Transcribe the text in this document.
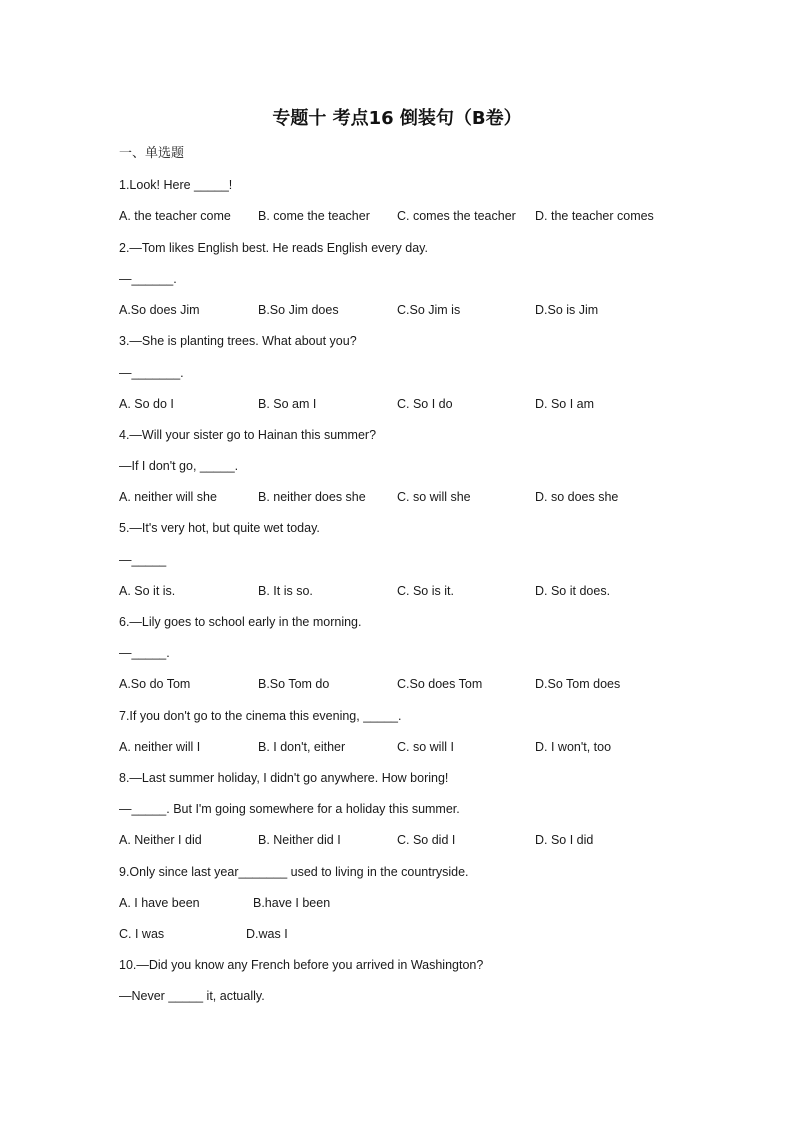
专题十 考点16 倒装句（B卷）
一、单选题
1.Look! Here _____!
A. the teacher come B. come the teacher C. comes the teacher D. the teacher comes
2.—Tom likes English best. He reads English every day.
—______.
A.So does Jim	B.So Jim does	C.So Jim is	D.So is Jim
3.—She is planting trees. What about you?
—_______.
A. So do I	B. So am I	C. So I do	D. So I am
4.—Will your sister go to Hainan this summer?
—If I don't go, _____.
A. neither will she	B. neither does she	C. so will she	D. so does she
5.—It's very hot, but quite wet today.
—_____
A. So it is.	B. It is so.	C. So is it.	D. So it does.
6.—Lily goes to school early in the morning.
—_____.
A.So do Tom	B.So Tom do	C.So does Tom	D.So Tom does
7.If you don't go to the cinema this evening, _____.
A. neither will I	B. I don't, either	C. so will I	D. I won't, too
8.—Last summer holiday, I didn't go anywhere. How boring!
—_____. But I'm going somewhere for a holiday this summer.
A. Neither I did	B. Neither did I	C. So did I	D. So I did
9.Only since last year_______ used to living in the countryside.
A. I have been	B.have I been
C. I was	D.was I
10.—Did you know any French before you arrived in Washington?
—Never _____ it, actually.
